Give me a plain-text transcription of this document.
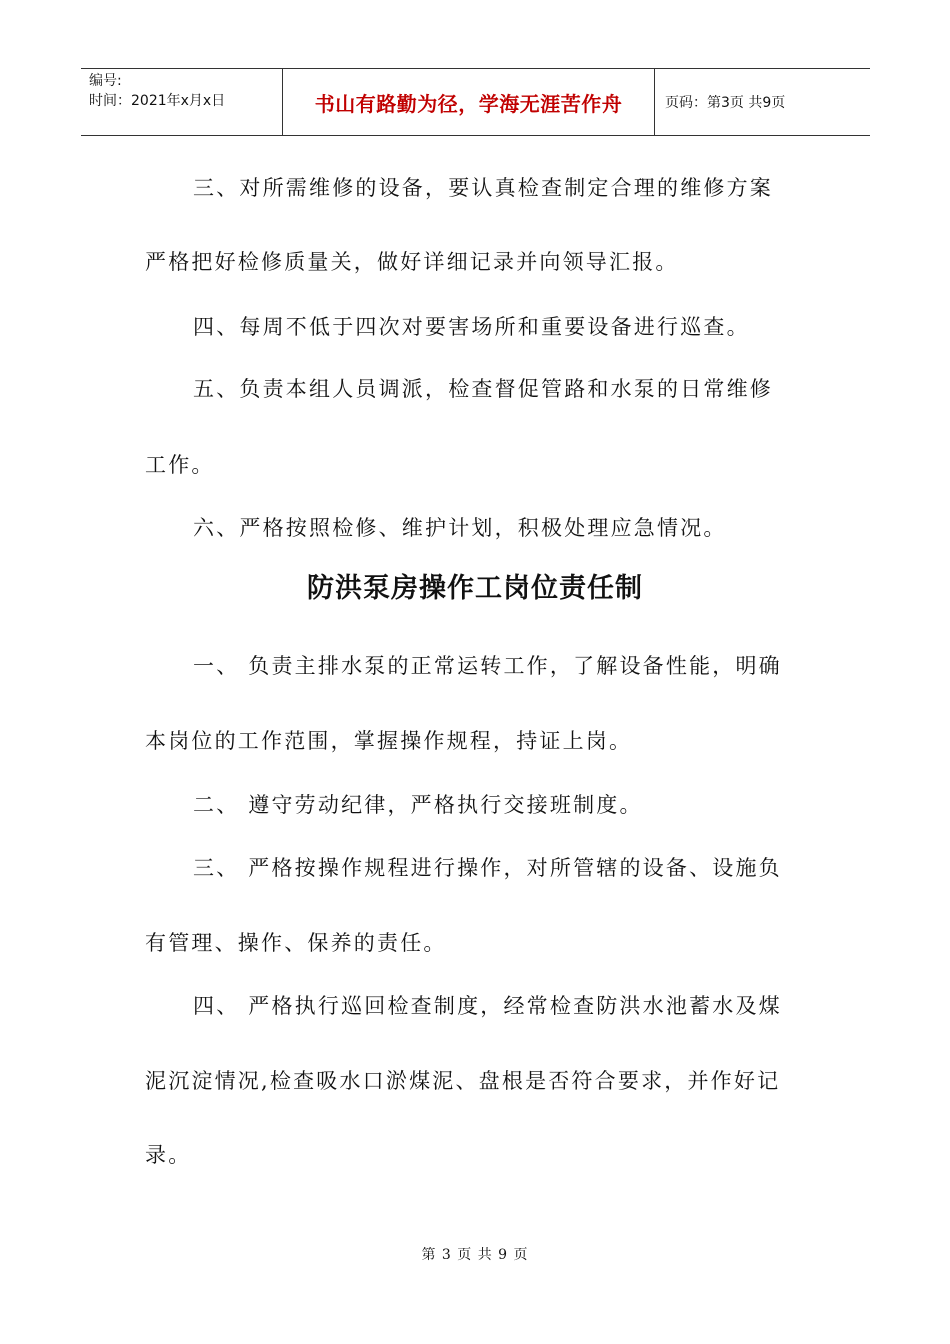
编号:
时间：2021年x月x日	书山有路勤为径，学海无涯苦作舟	页码：第3页 共9页
三、对所需维修的设备，要认真检查制定合理的维修方案
严格把好检修质量关，做好详细记录并向领导汇报。
四、每周不低于四次对要害场所和重要设备进行巡查。
五、负责本组人员调派，检查督促管路和水泵的日常维修
工作。
六、严格按照检修、维护计划，积极处理应急情况。
防洪泵房操作工岗位责任制
一、 负责主排水泵的正常运转工作，了解设备性能，明确
本岗位的工作范围，掌握操作规程，持证上岗。
二、 遵守劳动纪律，严格执行交接班制度。
三、 严格按操作规程进行操作，对所管辖的设备、设施负
有管理、操作、保养的责任。
四、 严格执行巡回检查制度，经常检查防洪水池蓄水及煤
泥沉淀情况,检查吸水口淤煤泥、盘根是否符合要求，并作好记
录。
第 3 页 共 9 页
